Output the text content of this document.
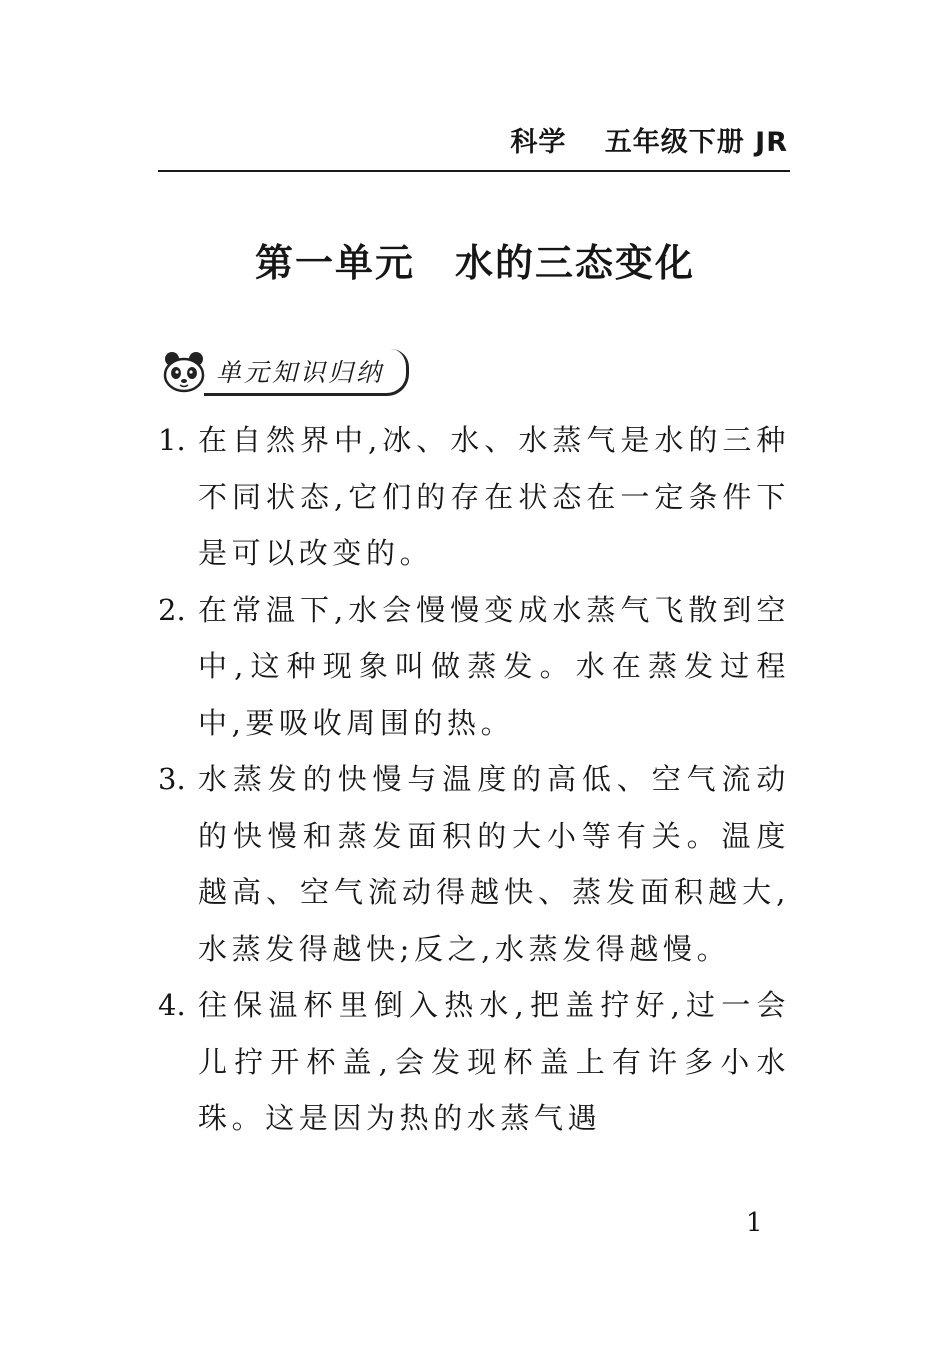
科学　 五年级下册 JR
第一单元　水的三态变化
单元知识归纳
1. 在自然界中,冰、水、水蒸气是水的三种不同状态,它们的存在状态在一定条件下是可以改变的。
2. 在常温下,水会慢慢变成水蒸气飞散到空中,这种现象叫做蒸发。水在蒸发过程中,要吸收周围的热。
3. 水蒸发的快慢与温度的高低、空气流动的快慢和蒸发面积的大小等有关。温度越高、空气流动得越快、蒸发面积越大,水蒸发得越快;反之,水蒸发得越慢。
4. 往保温杯里倒入热水,把盖拧好,过一会儿拧开杯盖,会发现杯盖上有许多小水珠。这是因为热的水蒸气遇
1
